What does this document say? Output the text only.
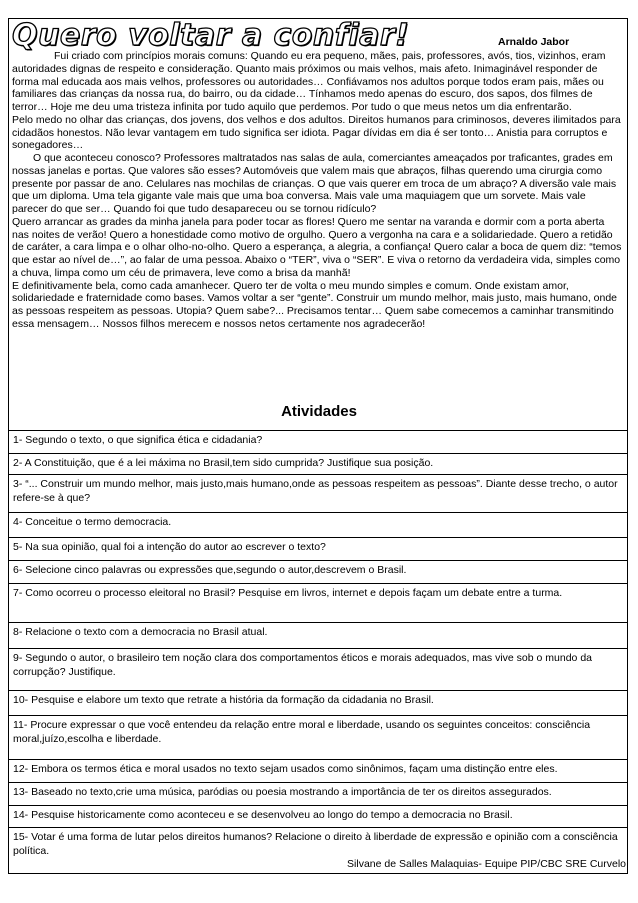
Quero voltar a confiar!	Arnaldo Jabor

Fui criado com princípios morais comuns: Quando eu era pequeno, mães, pais, professores, avós, tios, vizinhos, eram autoridades dignas de respeito e consideração. Quanto mais próximos ou mais velhos, mais afeto. Inimaginável responder de forma mal educada aos mais velhos, professores ou autoridades… Confiávamos nos adultos porque todos eram pais, mães ou familiares das crianças da nossa rua, do bairro, ou da cidade… Tínhamos medo apenas do escuro, dos sapos, dos filmes de terror… Hoje me deu uma tristeza infinita por tudo aquilo que perdemos. Por tudo o que meus netos um dia enfrentarão.

Pelo medo no olhar das crianças, dos jovens, dos velhos e dos adultos. Direitos humanos para criminosos, deveres ilimitados para cidadãos honestos. Não levar vantagem em tudo significa ser idiota. Pagar dívidas em dia é ser tonto… Anistia para corruptos e sonegadores…

O que aconteceu conosco? Professores maltratados nas salas de aula, comerciantes ameaçados por traficantes, grades em nossas janelas e portas. Que valores são esses? Automóveis que valem mais que abraços, filhas querendo uma cirurgia como presente por passar de ano. Celulares nas mochilas de crianças. O que vais querer em troca de um abraço? A diversão vale mais que um diploma. Uma tela gigante vale mais que uma boa conversa. Mais vale uma maquiagem que um sorvete. Mais vale parecer do que ser… Quando foi que tudo desapareceu ou se tornou ridículo?

Quero arrancar as grades da minha janela para poder tocar as flores! Quero me sentar na varanda e dormir com a porta aberta nas noites de verão! Quero a honestidade como motivo de orgulho. Quero a vergonha na cara e a solidariedade. Quero a retidão de caráter, a cara limpa e o olhar olho-no-olho. Quero a esperança, a alegria, a confiança! Quero calar a boca de quem diz: “temos que estar ao nível de…”, ao falar de uma pessoa. Abaixo o “TER”, viva o “SER”. E viva o retorno da verdadeira vida, simples como a chuva, limpa como um céu de primavera, leve como a brisa da manhã!

E definitivamente bela, como cada amanhecer. Quero ter de volta o meu mundo simples e comum. Onde existam amor, solidariedade e fraternidade como bases. Vamos voltar a ser “gente”. Construir um mundo melhor, mais justo, mais humano, onde as pessoas respeitem as pessoas. Utopia? Quem sabe?... Precisamos tentar… Quem sabe comecemos a caminhar transmitindo essa mensagem… Nossos filhos merecem e nossos netos certamente nos agradecerão!

Atividades
1- Segundo o texto, o que significa ética e cidadania?
2- A Constituição, que é a lei máxima no Brasil,tem sido cumprida? Justifique sua posição.
3- “... Construir um mundo melhor, mais justo,mais humano,onde as pessoas respeitem as pessoas”. Diante desse trecho, o autor refere-se à que?
4- Conceitue o termo democracia.
5- Na sua opinião, qual foi a intenção do autor ao escrever o texto?
6- Selecione cinco palavras ou expressões que,segundo o autor,descrevem o Brasil.
7- Como ocorreu o processo eleitoral no Brasil? Pesquise em livros, internet e depois façam um debate entre a turma.
8- Relacione o texto com a democracia no Brasil atual.
9- Segundo o autor, o brasileiro tem noção clara dos comportamentos éticos e morais adequados, mas vive sob o mundo da corrupção? Justifique.
10- Pesquise e elabore um texto que retrate a história da formação da cidadania no Brasil.
11- Procure expressar o que você entendeu da relação entre moral e liberdade, usando os seguintes conceitos: consciência moral,juízo,escolha e liberdade.
12- Embora os termos ética e moral usados no texto sejam usados como sinônimos, façam uma distinção entre eles.
13- Baseado no texto,crie uma música, paródias ou poesia mostrando a importância de ter os direitos assegurados.
14- Pesquise historicamente como aconteceu e se desenvolveu ao longo do tempo a democracia no Brasil.
15- Votar é uma forma de lutar pelos direitos humanos? Relacione o direito à liberdade de expressão e opinião com a consciência política.
Silvane de Salles Malaquias- Equipe PIP/CBC SRE Curvelo
